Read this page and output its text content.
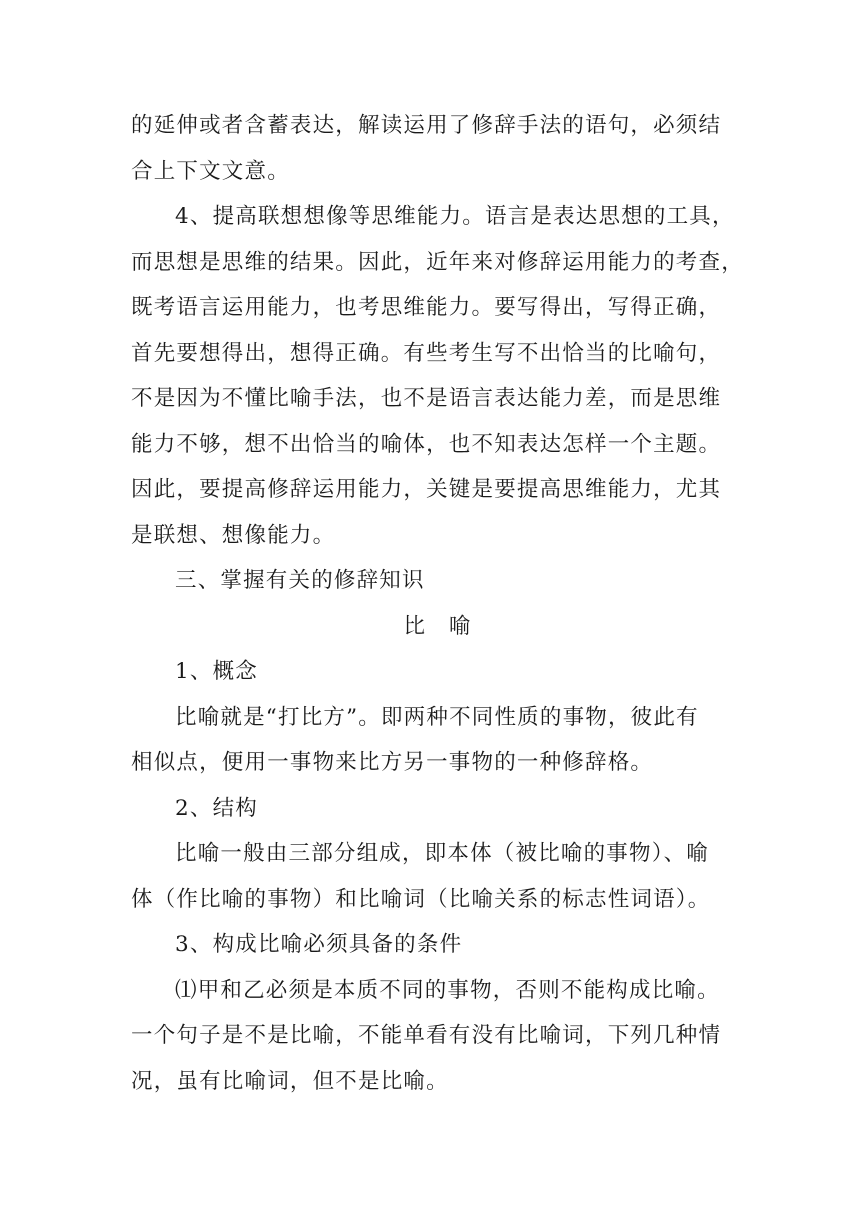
的延伸或者含蓄表达，解读运用了修辞手法的语句，必须结
合上下文文意。
4、提高联想想像等思维能力。语言是表达思想的工具，
而思想是思维的结果。因此，近年来对修辞运用能力的考查，
既考语言运用能力，也考思维能力。要写得出，写得正确，
首先要想得出，想得正确。有些考生写不出恰当的比喻句，
不是因为不懂比喻手法，也不是语言表达能力差，而是思维
能力不够，想不出恰当的喻体，也不知表达怎样一个主题。
因此，要提高修辞运用能力，关键是要提高思维能力，尤其
是联想、想像能力。
三、掌握有关的修辞知识
比 喻
1、概念
比喻就是“打比方”。即两种不同性质的事物，彼此有
相似点，便用一事物来比方另一事物的一种修辞格。
2、结构
比喻一般由三部分组成，即本体（被比喻的事物）、喻
体（作比喻的事物）和比喻词（比喻关系的标志性词语）。
3、构成比喻必须具备的条件
⑴甲和乙必须是本质不同的事物，否则不能构成比喻。
一个句子是不是比喻，不能单看有没有比喻词，下列几种情
况，虽有比喻词，但不是比喻。
